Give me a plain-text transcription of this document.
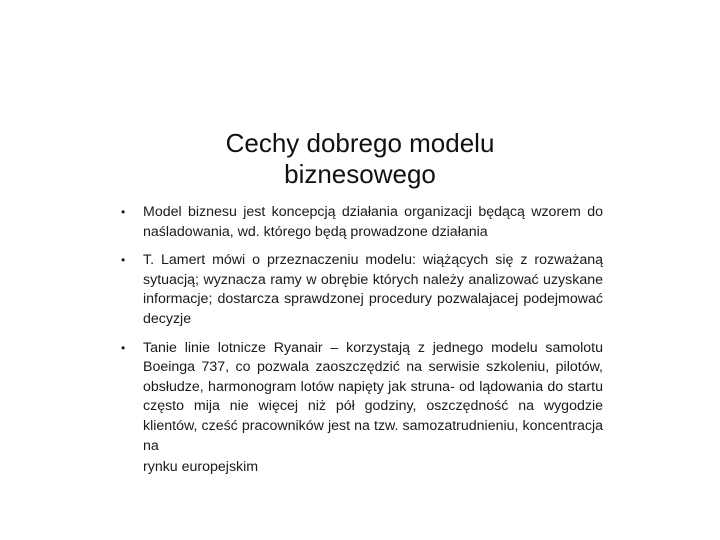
Cechy dobrego modelu
biznesowego
• Model biznesu jest koncepcją działania organizacji będącą wzorem do naśladowania, wd. którego będą prowadzone działania
• T. Lamert mówi o przeznaczeniu modelu: wiążących się z rozważaną sytuacją; wyznacza ramy w obrębie których należy analizować uzyskane informacje; dostarcza sprawdzonej procedury pozwalajacej podejmować decyzje
• Tanie linie lotnicze Ryanair – korzystają z jednego modelu samolotu Boeinga 737, co pozwala zaoszczędzić na serwisie szkoleniu, pilotów, obsłudze, harmonogram lotów napięty jak struna- od lądowania do startu często mija nie więcej niż pół godziny, oszczędność na wygodzie klientów, cześć pracowników jest na tzw. samozatrudnieniu, koncentracja na
rynku europejskim
